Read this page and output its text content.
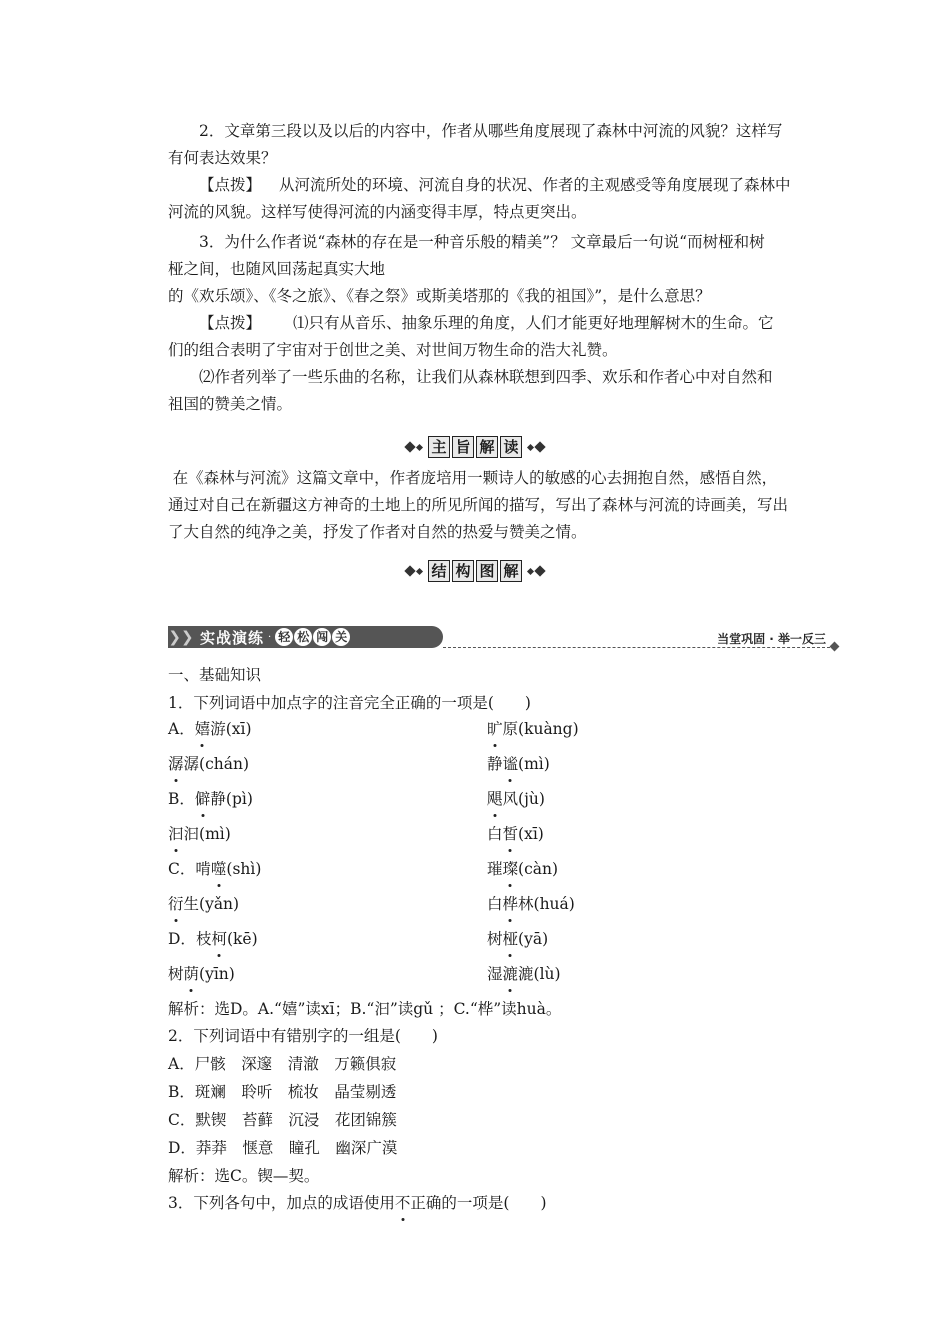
2．文章第三段以及以后的内容中，作者从哪些角度展现了森林中河流的风貌？这样写
有何表达效果？
【点拨】 从河流所处的环境、河流自身的状况、作者的主观感受等角度展现了森林中
河流的风貌。这样写使得河流的内涵变得丰厚，特点更突出。
3．为什么作者说“森林的存在是一种音乐般的精美”？ 文章最后一句说“而树桠和树
桠之间，也随风回荡起真实大地
的《欢乐颂》、《冬之旅》、《春之祭》或斯美塔那的《我的祖国》”，是什么意思？
【点拨】 ⑴只有从音乐、抽象乐理的角度，人们才能更好地理解树木的生命。它
们的组合表明了宇宙对于创世之美、对世间万物生命的浩大礼赞。
⑵作者列举了一些乐曲的名称，让我们从森林联想到四季、欢乐和作者心中对自然和
祖国的赞美之情。
主 旨 解 读
在《森林与河流》这篇文章中，作者庞培用一颗诗人的敏感的心去拥抱自然，感悟自然，
通过对自己在新疆这方神奇的土地上的所见所闻的描写，写出了森林与河流的诗画美，写出
了大自然的纯净之美，抒发了作者对自然的热爱与赞美之情。
结 构 图 解
❯❯ 实战演练 · 轻 松 闯 关	当堂巩固 · 举一反三
一、基础知识
1．下列词语中加点字的注音完全正确的一项是(　　)
A．嬉游(xī)	旷原(kuàng)
潺潺(chán)	静谧(mì)
B．僻静(pì)	飓风(jù)
汩汩(mì)	白皙(xī)
C．啃噬(shì)	璀璨(càn)
衍生(yǎn)	白桦林(huá)
D．枝柯(kē)	树桠(yā)
树荫(yīn)	湿漉漉(lù)
解析：选D。A.“嬉”读xī；B.“汩”读gǔ ；C.“桦”读huà。
2．下列词语中有错别字的一组是(　　)
A．尸骸　深邃　清澈　万籁俱寂
B．斑斓　聆听　梳妆　晶莹剔透
C．默锲　苔藓　沉浸　花团锦簇
D．莽莽　惬意　瞳孔　幽深广漠
解析：选C。锲—契。
3．下列各句中，加点的成语使用不正确的一项是(　　)
